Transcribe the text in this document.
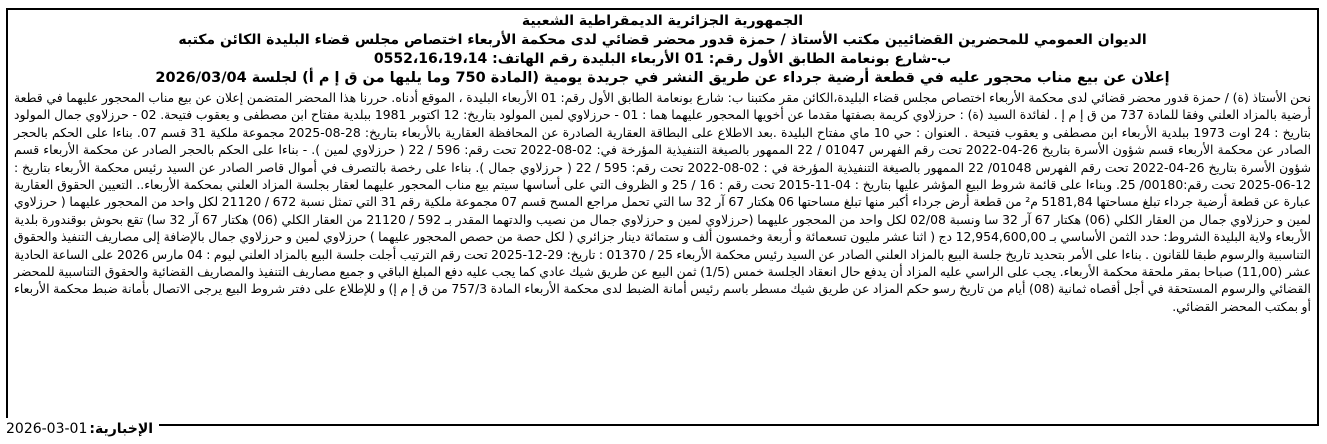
الجمهورية الجزائرية الديمقراطية الشعبية
الديوان العمومي للمحضرين القضائيين مكتب الأستاذ / حمزة قدور محضر قضائي لدى محكمة الأربعاء اختصاص مجلس قضاء البليدة الكائن مكتبه
ب-شارع بونعامة الطابق الأول رقم: 01 الأربعاء البليدة رقم الهاتف: 0552،16،19،14
إعلان عن بيع مناب محجور عليه في قطعة أرضية جرداء عن طريق النشر في جريدة يومية (المادة 750 وما يليها من ق إ م أ) لجلسة 2026/03/04
نحن الأستاذ (ة) / حمزة قدور محضر قضائي لدى محكمة الأربعاء اختصاص مجلس قضاء البليدة،الكائن مقر مكتبنا ب: شارع بونعامة الطابق الأول رقم: 01 الأربعاء البليدة ، الموقع أدناه. حررنا هذا المحضر المتضمن إعلان عن بيع مناب المحجور عليهما في قطعة أرضية بالمزاد العلني وفقا للمادة 737 من ق إ م إ . لفائدة السيد (ة) : حرزلاوي كريمة بصفتها مقدما عن أخويها المحجور عليهما هما : 01 - حرزلاوي لمين المولود بتاريخ: 12 اكتوبر 1981 ببلدية مفتاح ابن مصطفى و يعقوب فتيحة. 02 - حرزلاوي جمال المولود بتاريخ : 24 اوت 1973 ببلدية الأربعاء ابن مصطفى و يعقوب فتيحة . العنوان : حي 10 ماي مفتاح البليدة .بعد الاطلاع على البطاقة العقارية الصادرة عن المحافظة العقارية بالأربعاء بتاريخ: 28-08-2025 مجموعة ملكية 31 قسم 07. بناءا على الحكم بالحجر الصادر عن محكمة الأربعاء قسم شؤون الأسرة بتاريخ 26-04-2022 تحت رقم الفهرس 01047 / 22 الممهور بالصيغة التنفيذية المؤرخة في: 02-08-2022 تحت رقم: 596 / 22 ( حرزلاوي لمين ). - بناءا على الحكم بالحجر الصادر عن محكمة الأربعاء قسم شؤون الأسرة بتاريخ 26-04-2022 تحت رقم الفهرس 01048/ 22 الممهور بالصيغة التنفيذية المؤرخة في : 02-08-2022 تحت رقم: 595 / 22 ( حرزلاوي جمال ). بناءا على رخصة بالتصرف في أموال قاصر الصادر عن السيد رئيس محكمة الأربعاء بتاريخ : 12-06-2025 تحت رقم:00180/ 25. وبناءا على قائمة شروط البيع المؤشر عليها بتاريخ : 04-11-2015 تحت رقم : 16 / 25 و الظروف التي على أساسها سيتم بيع مناب المحجور عليهما لعقار بجلسة المزاد العلني بمحكمة الأربعاء.. التعيين الحقوق العقارية عبارة عن قطعة أرضية جرداء تبلغ مساحتها 5181,84 م² من قطعة أرض جرداء أكبر منها تبلغ مساحتها 06 هكتار 67 آر 32 سا التي تحمل مراجع المسح قسم 07 مجموعة ملكية رقم 31 التي تمثل نسبة 672 / 21120 لكل واحد من المحجور عليهما ( حرزلاوي لمين و حرزلاوي جمال من العقار الكلي (06) هكتار 67 آر 32 سا ونسبة 02/08 لكل واحد من المحجور عليهما (حرزلاوي لمين و حرزلاوي جمال من نصيب والدتهما المقدر بـ 592 / 21120 من العقار الكلي (06) هكتار 67 آر 32 سا) تقع بحوش بوقندورة بلدية الأربعاء ولاية البليدة الشروط: حدد الثمن الأساسي بـ 12,954,600,00 دج ( اثنا عشر مليون تسعمائة و أربعة وخمسون ألف و ستمائة دينار جزائري ( لكل حصة من حصص المحجور عليهما ) حرزلاوي لمين و حرزلاوي جمال بالإضافة إلى مصاريف التنفيذ والحقوق التناسبية والرسوم طبقا للقانون . بناءا على الأمر بتحديد تاريخ جلسة البيع بالمزاد العلني الصادر عن السيد رئيس محكمة الأربعاء 25 / 01370 : تاريخ: 29-12-2025 تحت رقم الترتيب أجلت جلسة البيع بالمزاد العلني ليوم : 04 مارس 2026 على الساعة الحادية عشر (11,00) صباحا بمقر ملحقة محكمة الأربعاء. يجب على الراسي عليه المزاد أن يدفع حال انعقاد الجلسة خمس (1/5) ثمن البيع عن طريق شيك عادي كما يجب عليه دفع المبلغ الباقي و جميع مصاريف التنفيذ والمصاريف القضائية والحقوق التناسبية للمحضر القضائي والرسوم المستحقة في أجل أقصاه ثمانية (08) أيام من تاريخ رسو حكم المزاد عن طريق شيك مسطر باسم رئيس أمانة الضبط لدى محكمة الأربعاء المادة 757/3 من ق إ م إ) و للإطلاع على دفتر شروط البيع يرجى الاتصال بأمانة ضبط محكمة الأربعاء أو بمكتب المحضر القضائي.
2026-03-01 الإخبارية:
